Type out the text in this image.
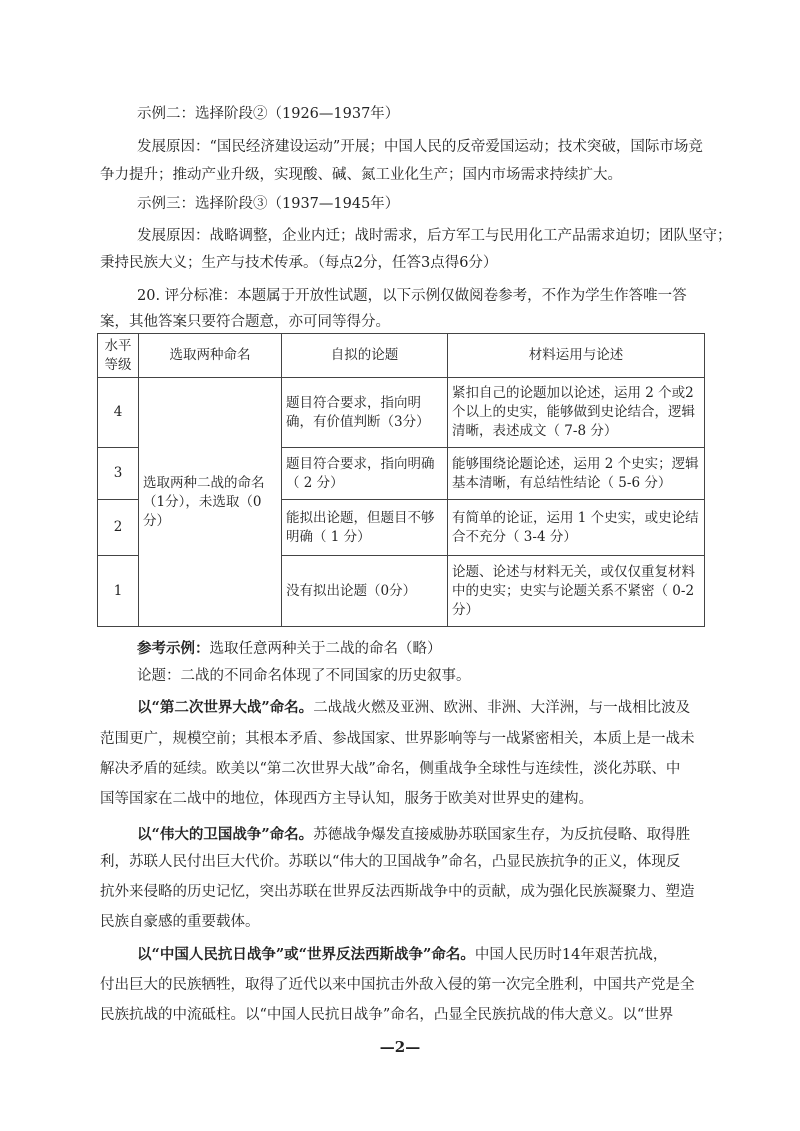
示例二：选择阶段②（1926—1937年）
发展原因：“国民经济建设运动”开展；中国人民的反帝爱国运动；技术突破，国际市场竞
争力提升；推动产业升级，实现酸、碱、氮工业化生产；国内市场需求持续扩大。
示例三：选择阶段③（1937—1945年）
发展原因：战略调整，企业内迁；战时需求，后方军工与民用化工产品需求迫切；团队坚守；
秉持民族大义；生产与技术传承。（每点2分，任答3点得6分）
20. 评分标准：本题属于开放性试题，以下示例仅做阅卷参考，不作为学生作答唯一答
案，其他答案只要符合题意，亦可同等得分。
水平等级	选取两种命名	自拟的论题	材料运用与论述
4	选取两种二战的命名（1分），未选取（0分）	题目符合要求，指向明确，有价值判断（3分）	紧扣自己的论题加以论述，运用 2 个或2个以上的史实，能够做到史论结合，逻辑清晰，表述成文（ 7-8 分）
3		题目符合要求，指向明确（ 2 分）	能够围绕论题论述，运用 2 个史实；逻辑基本清晰，有总结性结论（ 5-6 分）
2		能拟出论题，但题目不够明确（ 1 分）	有简单的论证，运用 1 个史实，或史论结合不充分（ 3-4 分）
1		没有拟出论题（0分）	论题、论述与材料无关，或仅仅重复材料中的史实；史实与论题关系不紧密（ 0-2 分）
参考示例：选取任意两种关于二战的命名（略）
论题：二战的不同命名体现了不同国家的历史叙事。
以“第二次世界大战”命名。二战战火燃及亚洲、欧洲、非洲、大洋洲，与一战相比波及
范围更广，规模空前；其根本矛盾、参战国家、世界影响等与一战紧密相关，本质上是一战未
解决矛盾的延续。欧美以“第二次世界大战”命名，侧重战争全球性与连续性，淡化苏联、中
国等国家在二战中的地位，体现西方主导认知，服务于欧美对世界史的建构。
以“伟大的卫国战争”命名。苏德战争爆发直接威胁苏联国家生存，为反抗侵略、取得胜
利，苏联人民付出巨大代价。苏联以“伟大的卫国战争”命名，凸显民族抗争的正义，体现反
抗外来侵略的历史记忆，突出苏联在世界反法西斯战争中的贡献，成为强化民族凝聚力、塑造
民族自豪感的重要载体。
以“中国人民抗日战争”或“世界反法西斯战争”命名。中国人民历时14年艰苦抗战，
付出巨大的民族牺牲，取得了近代以来中国抗击外敌入侵的第一次完全胜利，中国共产党是全
民族抗战的中流砥柱。以“中国人民抗日战争”命名，凸显全民族抗战的伟大意义。以“世界
—2—
